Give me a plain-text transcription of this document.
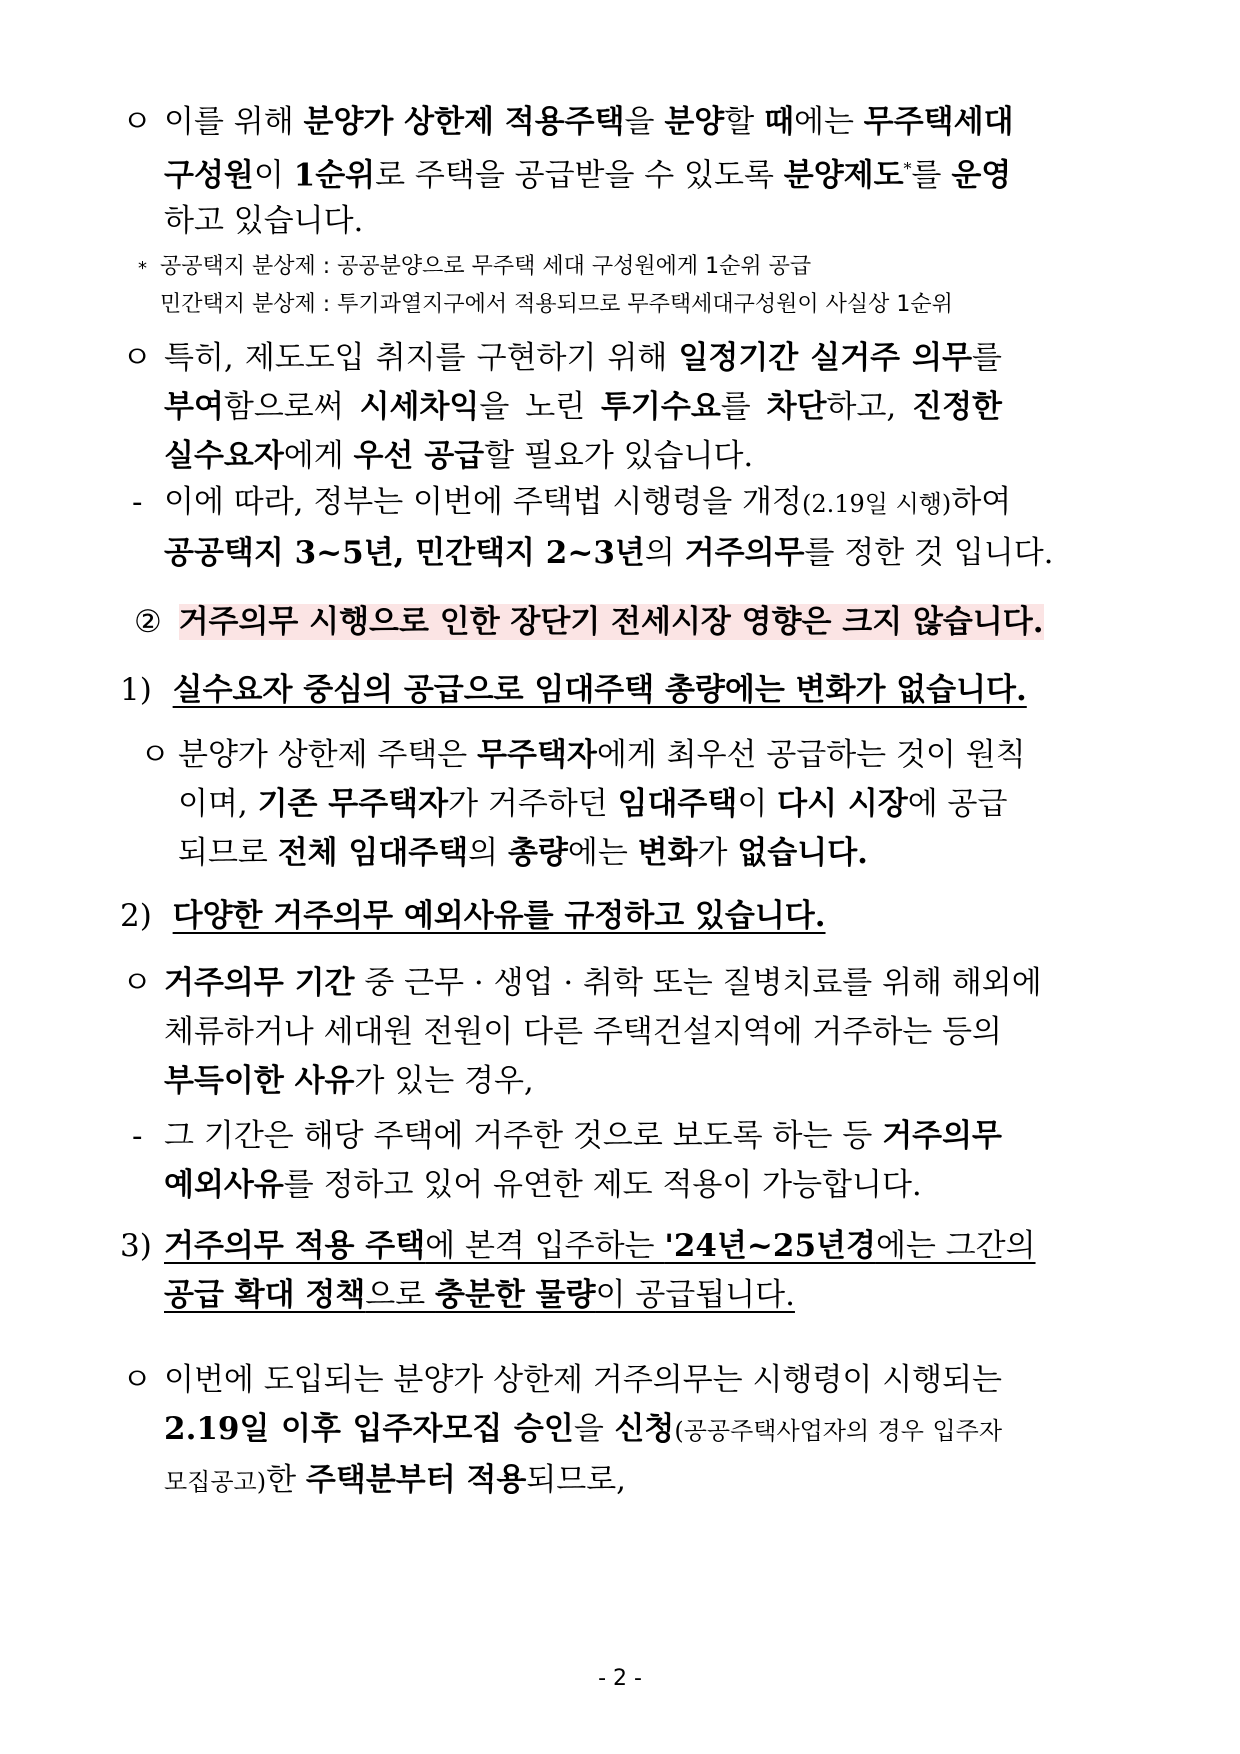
ㅇ 이를 위해 분양가 상한제 적용주택을 분양할 때에는 무주택세대
구성원이 1순위로 주택을 공급받을 수 있도록 분양제도*를 운영
하고 있습니다.
* 공공택지 분상제 : 공공분양으로 무주택 세대 구성원에게 1순위 공급
민간택지 분상제 : 투기과열지구에서 적용되므로 무주택세대구성원이 사실상 1순위
ㅇ 특히, 제도도입 취지를 구현하기 위해 일정기간 실거주 의무를
부여함으로써 시세차익을 노린 투기수요를 차단하고, 진정한
실수요자에게 우선 공급할 필요가 있습니다.
- 이에 따라, 정부는 이번에 주택법 시행령을 개정(2.19일 시행)하여
공공택지 3~5년, 민간택지 2~3년의 거주의무를 정한 것 입니다.
② 거주의무 시행으로 인한 장단기 전세시장 영향은 크지 않습니다.
1) 실수요자 중심의 공급으로 임대주택 총량에는 변화가 없습니다.
ㅇ 분양가 상한제 주택은 무주택자에게 최우선 공급하는 것이 원칙
이며, 기존 무주택자가 거주하던 임대주택이 다시 시장에 공급
되므로 전체 임대주택의 총량에는 변화가 없습니다.
2) 다양한 거주의무 예외사유를 규정하고 있습니다.
ㅇ 거주의무 기간 중 근무 · 생업 · 취학 또는 질병치료를 위해 해외에
체류하거나 세대원 전원이 다른 주택건설지역에 거주하는 등의
부득이한 사유가 있는 경우,
- 그 기간은 해당 주택에 거주한 것으로 보도록 하는 등 거주의무
예외사유를 정하고 있어 유연한 제도 적용이 가능합니다.
3) 거주의무 적용 주택에 본격 입주하는 '24년~25년경에는 그간의
공급 확대 정책으로 충분한 물량이 공급됩니다.
ㅇ 이번에 도입되는 분양가 상한제 거주의무는 시행령이 시행되는
2.19일 이후 입주자모집 승인을 신청(공공주택사업자의 경우 입주자
모집공고)한 주택분부터 적용되므로,
- 2 -
